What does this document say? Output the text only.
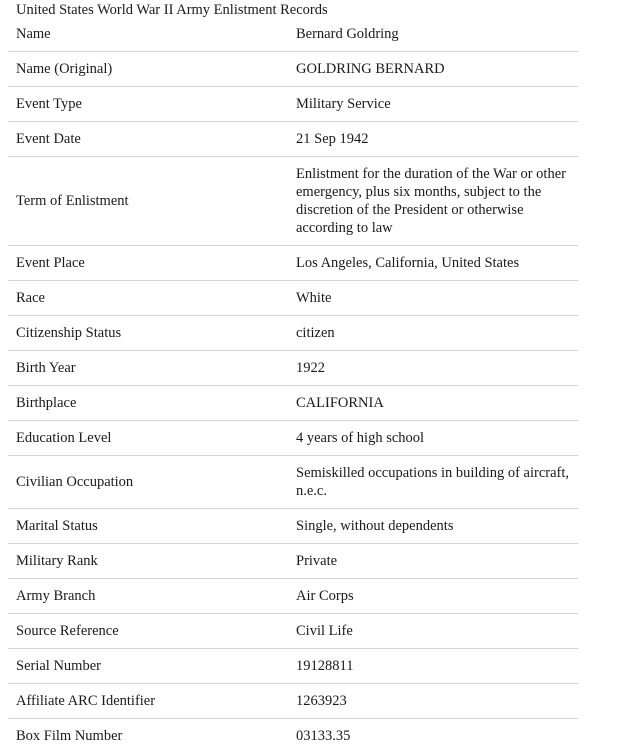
United States World War II Army Enlistment Records
Name	Bernard Goldring
Name (Original)	GOLDRING BERNARD
Event Type	Military Service
Event Date	21 Sep 1942
Term of Enlistment	Enlistment for the duration of the War or other emergency, plus six months, subject to the discretion of the President or otherwise according to law
Event Place	Los Angeles, California, United States
Race	White
Citizenship Status	citizen
Birth Year	1922
Birthplace	CALIFORNIA
Education Level	4 years of high school
Civilian Occupation	Semiskilled occupations in building of aircraft, n.e.c.
Marital Status	Single, without dependents
Military Rank	Private
Army Branch	Air Corps
Source Reference	Civil Life
Serial Number	19128811
Affiliate ARC Identifier	1263923
Box Film Number	03133.35
